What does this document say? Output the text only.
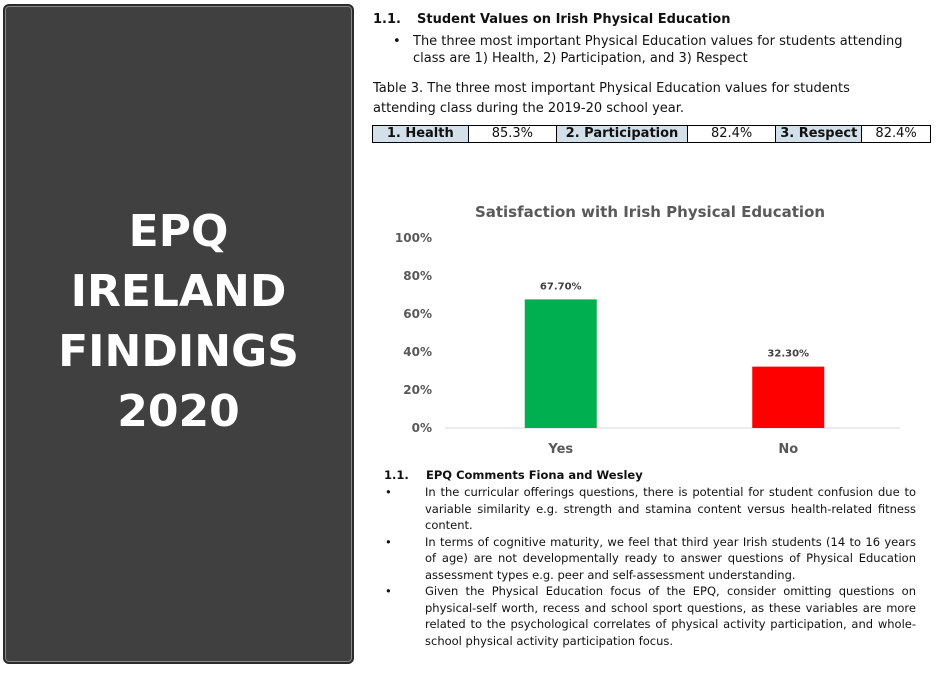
EPQ
IRELAND
FINDINGS
2020
1.1. Student Values on Irish Physical Education
• The three most important Physical Education values for students attending class are 1) Health, 2) Participation, and 3) Respect
Table 3. The three most important Physical Education values for students attending class during the 2019-20 school year.
1. Health	85.3%	2. Participation	82.4%	3. Respect	82.4%
Satisfaction with Irish Physical Education
0%
20%
40%
60%
80%
100%
Yes	No
67.70%
32.30%
1.1. EPQ Comments Fiona and Wesley
•	In the curricular offerings questions, there is potential for student confusion due to variable similarity e.g. strength and stamina content versus health-related fitness content.
•	In terms of cognitive maturity, we feel that third year Irish students (14 to 16 years of age) are not developmentally ready to answer questions of Physical Education assessment types e.g. peer and self-assessment understanding.
•	Given the Physical Education focus of the EPQ, consider omitting questions on physical-self worth, recess and school sport questions, as these variables are more related to the psychological correlates of physical activity participation, and whole-school physical activity participation focus.
